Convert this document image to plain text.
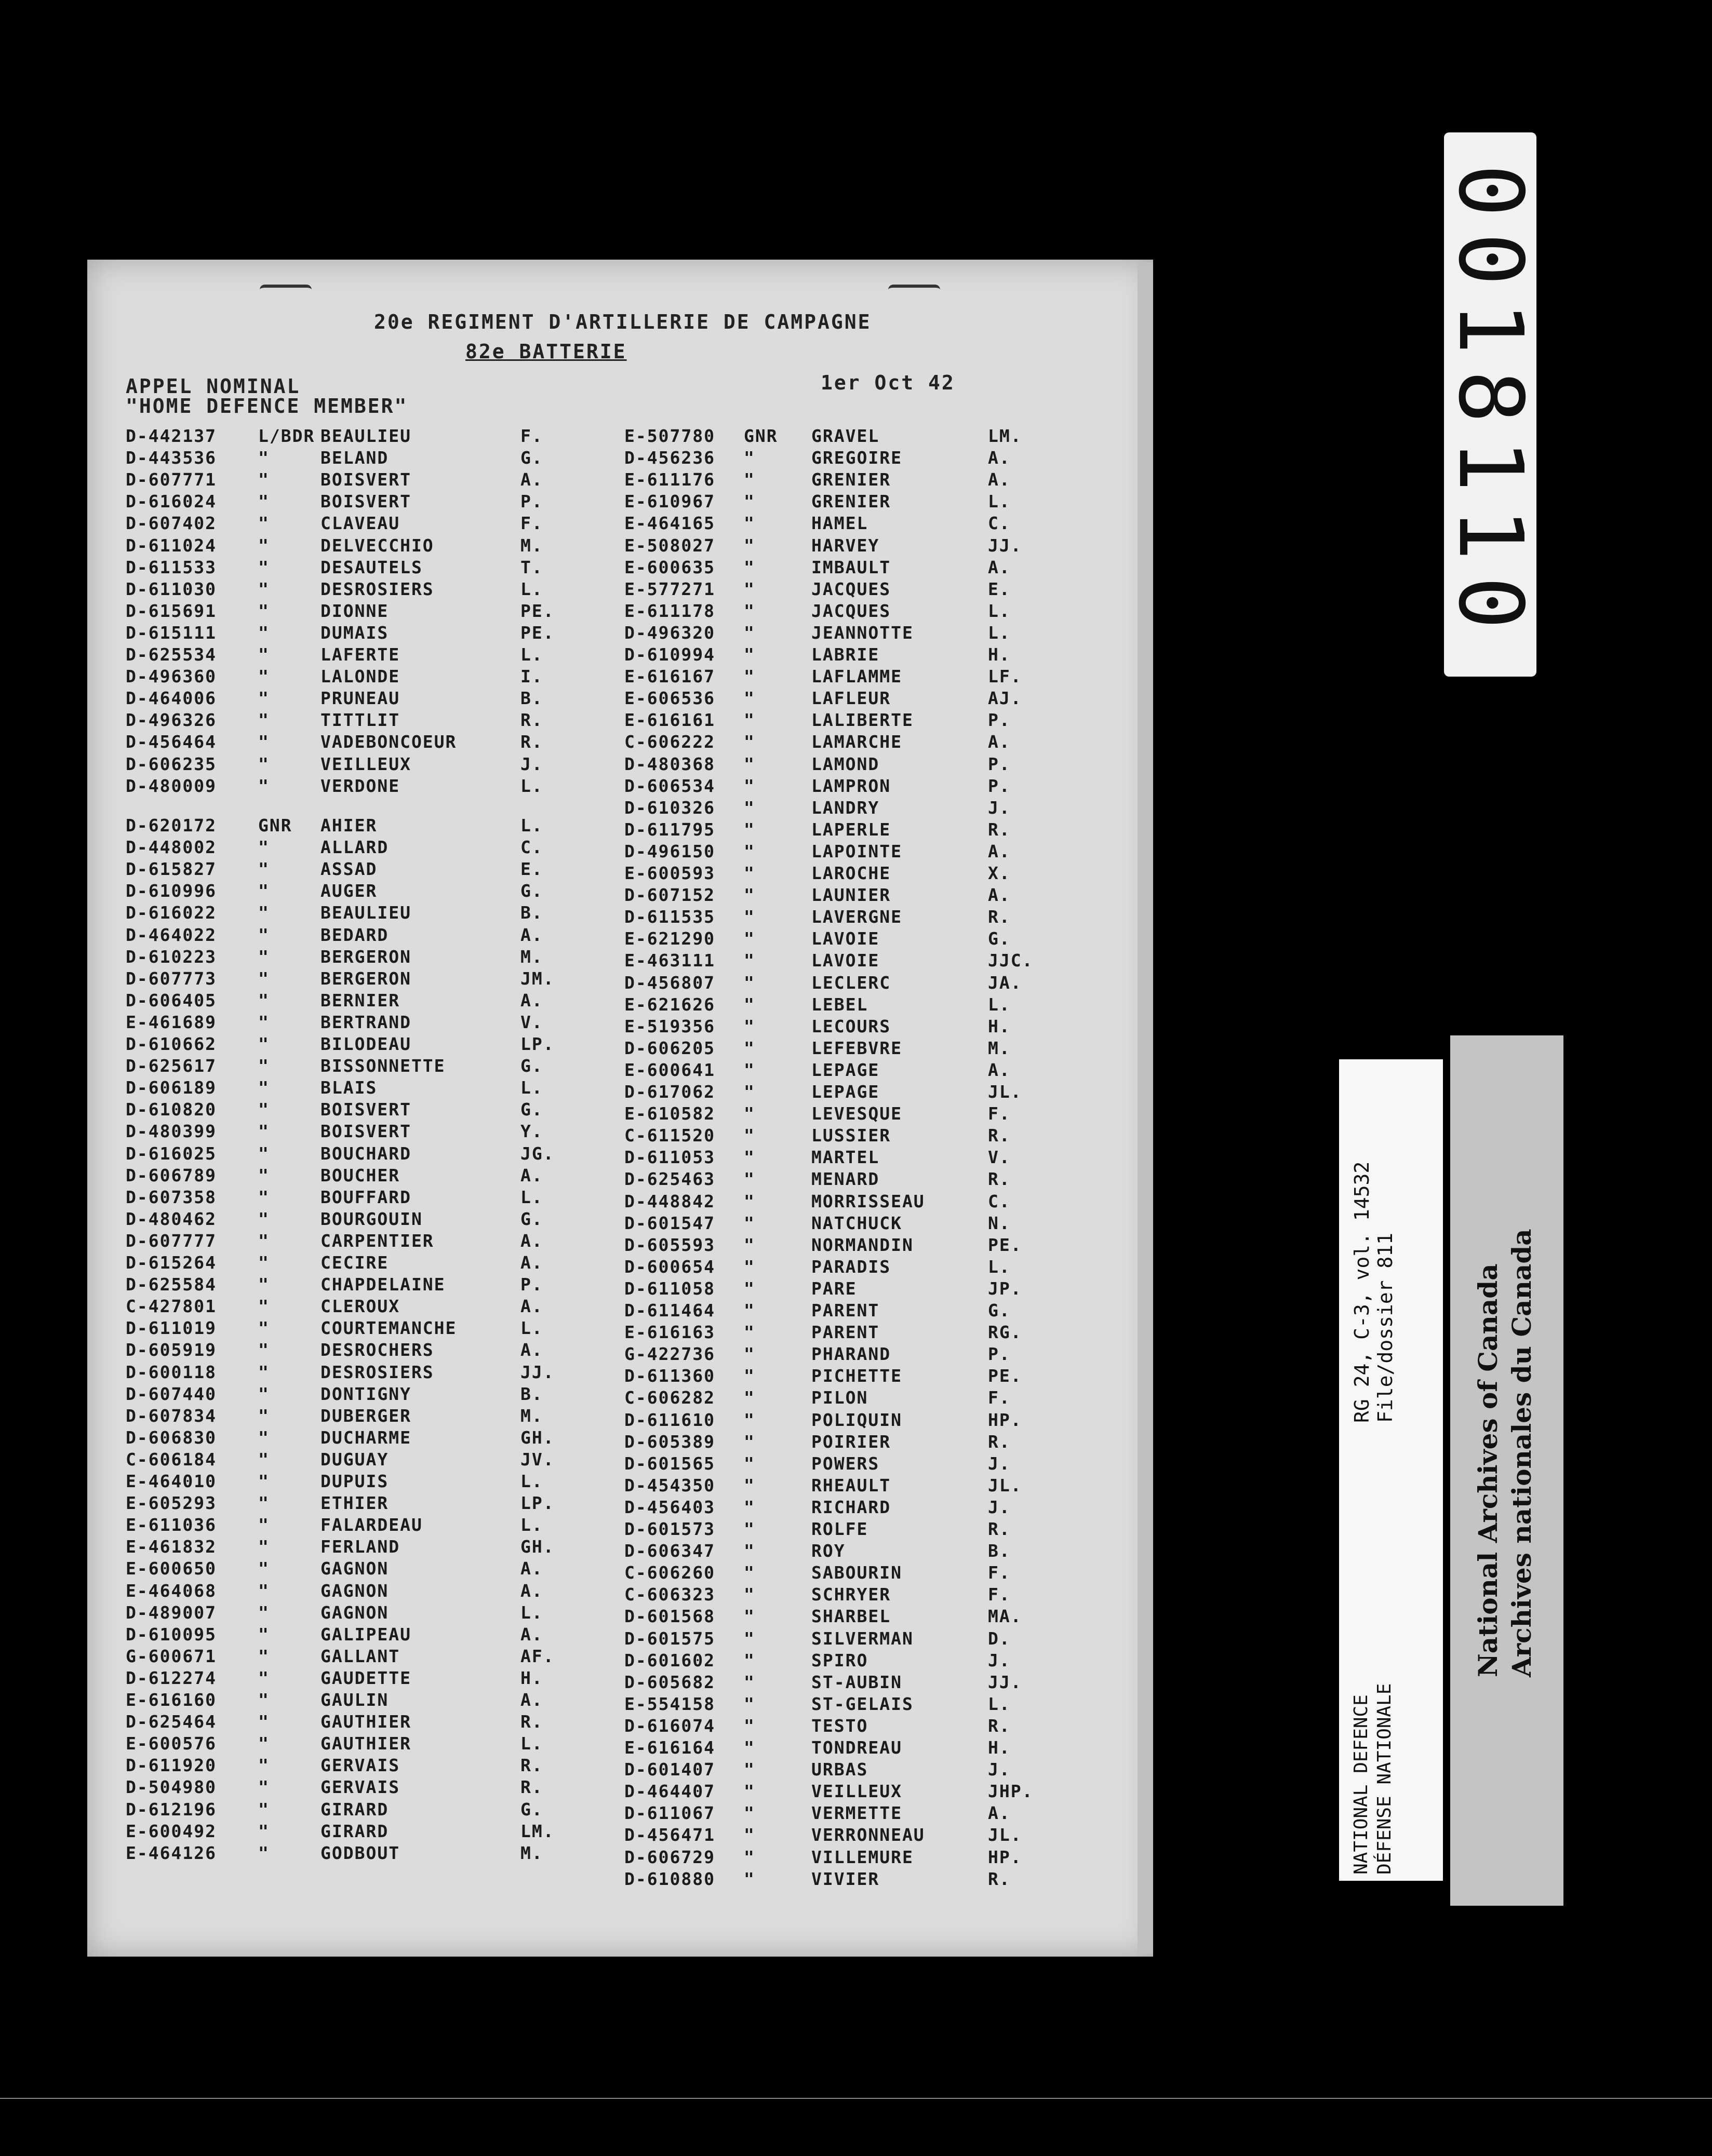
20e REGIMENT D'ARTILLERIE DE CAMPAGNE
82e BATTERIE
APPEL NOMINAL	1er Oct 42
"HOME DEFENCE MEMBER"
D-442137 L/BDR BEAULIEU	F.
D-443536 "	BELAND	G.
D-607771 "	BOISVERT	A.
D-616024 "	BOISVERT	P.
D-607402 "	CLAVEAU	F.
D-611024 "	DELVECCHIO	M.
D-611533 "	DESAUTELS	T.
D-611030 "	DESROSIERS	L.
D-615691 "	DIONNE	PE.
D-615111 "	DUMAIS	PE.
D-625534 "	LAFERTE	L.
D-496360 "	LALONDE	I.
D-464006 "	PRUNEAU	B.
D-496326 "	TITTLIT	R.
D-456464 "	VADEBONCOEUR	R.
D-606235 "	VEILLEUX	J.
D-480009 "	VERDONE	L.
D-620172 GNR AHIER	L.
D-448002 "	ALLARD	C.
D-615827 "	ASSAD	E.
D-610996 "	AUGER	G.
D-616022 "	BEAULIEU	B.
D-464022 "	BEDARD	A.
D-610223 "	BERGERON	M.
D-607773 "	BERGERON	JM.
D-606405 "	BERNIER	A.
E-461689 "	BERTRAND	V.
D-610662 "	BILODEAU	LP.
D-625617 "	BISSONNETTE	G.
D-606189 "	BLAIS	L.
D-610820 "	BOISVERT	G.
D-480399 "	BOISVERT	Y.
D-616025 "	BOUCHARD	JG.
D-606789 "	BOUCHER	A.
D-607358 "	BOUFFARD	L.
D-480462 "	BOURGOUIN	G.
D-607777 "	CARPENTIER	A.
D-615264 "	CECIRE	A.
D-625584 "	CHAPDELAINE	P.
C-427801 "	CLEROUX	A.
D-611019 "	COURTEMANCHE	L.
D-605919 "	DESROCHERS	A.
D-600118 "	DESROSIERS	JJ.
D-607440 "	DONTIGNY	B.
D-607834 "	DUBERGER	M.
D-606830 "	DUCHARME	GH.
C-606184 "	DUGUAY	JV.
E-464010 "	DUPUIS	L.
E-605293 "	ETHIER	LP.
E-611036 "	FALARDEAU	L.
E-461832 "	FERLAND	GH.
E-600650 "	GAGNON	A.
E-464068 "	GAGNON	A.
D-489007 "	GAGNON	L.
D-610095 "	GALIPEAU	A.
G-600671 "	GALLANT	AF.
D-612274 "	GAUDETTE	H.
E-616160 "	GAULIN	A.
D-625464 "	GAUTHIER	R.
E-600576 "	GAUTHIER	L.
D-611920 "	GERVAIS	R.
D-504980 "	GERVAIS	R.
D-612196 "	GIRARD	G.
E-600492 "	GIRARD	LM.
E-464126 "	GODBOUT	M.
E-507780 GNR GRAVEL	LM.
D-456236 "	GREGOIRE	A.
E-611176 "	GRENIER	A.
E-610967 "	GRENIER	L.
E-464165 "	HAMEL	C.
E-508027 "	HARVEY	JJ.
E-600635 "	IMBAULT	A.
E-577271 "	JACQUES	E.
E-611178 "	JACQUES	L.
D-496320 "	JEANNOTTE	L.
D-610994 "	LABRIE	H.
E-616167 "	LAFLAMME	LF.
E-606536 "	LAFLEUR	AJ.
E-616161 "	LALIBERTE	P.
C-606222 "	LAMARCHE	A.
D-480368 "	LAMOND	P.
D-606534 "	LAMPRON	P.
D-610326 "	LANDRY	J.
D-611795 "	LAPERLE	R.
D-496150 "	LAPOINTE	A.
E-600593 "	LAROCHE	X.
D-607152 "	LAUNIER	A.
D-611535 "	LAVERGNE	R.
E-621290 "	LAVOIE	G.
E-463111 "	LAVOIE	JJC.
D-456807 "	LECLERC	JA.
E-621626 "	LEBEL	L.
E-519356 "	LECOURS	H.
D-606205 "	LEFEBVRE	M.
E-600641 "	LEPAGE	A.
D-617062 "	LEPAGE	JL.
E-610582 "	LEVESQUE	F.
C-611520 "	LUSSIER	R.
D-611053 "	MARTEL	V.
D-625463 "	MENARD	R.
D-448842 "	MORRISSEAU	C.
D-601547 "	NATCHUCK	N.
D-605593 "	NORMANDIN	PE.
D-600654 "	PARADIS	L.
D-611058 "	PARE	JP.
D-611464 "	PARENT	G.
E-616163 "	PARENT	RG.
G-422736 "	PHARAND	P.
D-611360 "	PICHETTE	PE.
C-606282 "	PILON	F.
D-611610 "	POLIQUIN	HP.
D-605389 "	POIRIER	R.
D-601565 "	POWERS	J.
D-454350 "	RHEAULT	JL.
D-456403 "	RICHARD	J.
D-601573 "	ROLFE	R.
D-606347 "	ROY	B.
C-606260 "	SABOURIN	F.
C-606323 "	SCHRYER	F.
D-601568 "	SHARBEL	MA.
D-601575 "	SILVERMAN	D.
D-601602 "	SPIRO	J.
D-605682 "	ST-AUBIN	JJ.
E-554158 "	ST-GELAIS	L.
D-616074 "	TESTO	R.
E-616164 "	TONDREAU	H.
D-601407 "	URBAS	J.
D-464407 "	VEILLEUX	JHP.
D-611067 "	VERMETTE	A.
D-456471 "	VERRONNEAU	JL.
D-606729 "	VILLEMURE	HP.
D-610880 "	VIVIER	R.
0018110
RG 24, C-3, vol. 14532 File/dossier 811
NATIONAL DEFENCE DÉFENSE NATIONALE
National Archives of Canada Archives nationales du Canada
